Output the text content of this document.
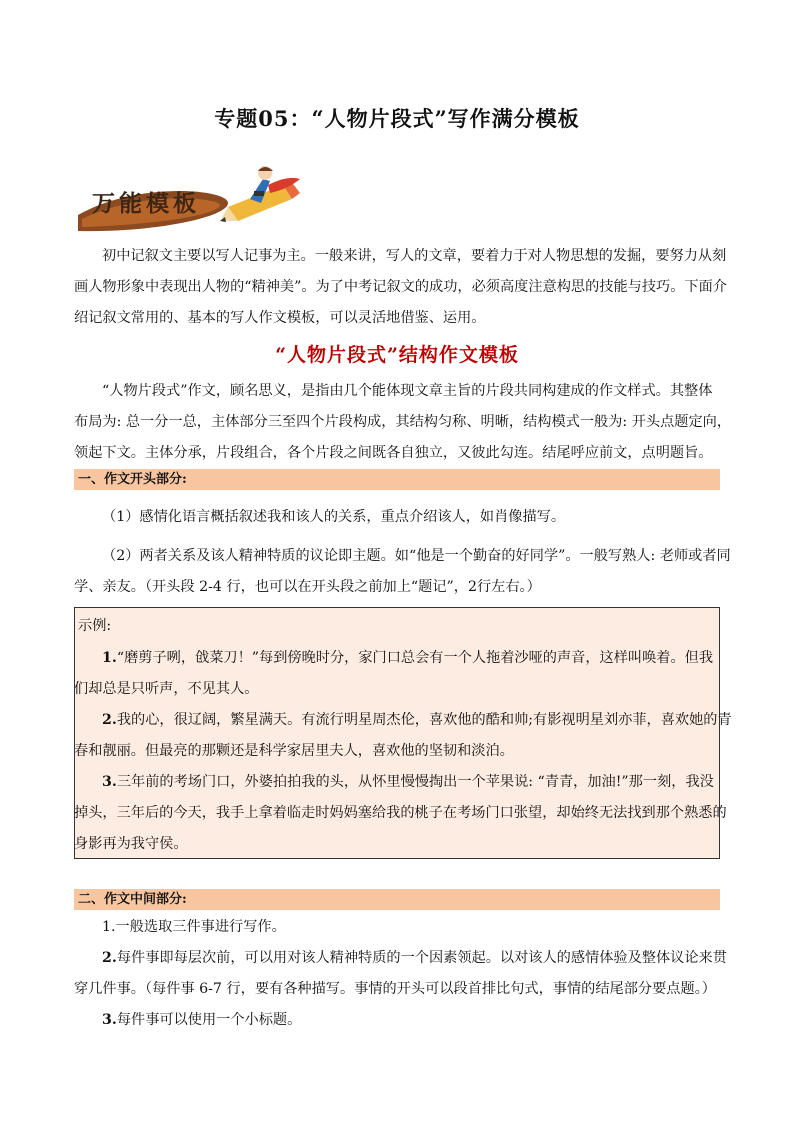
专题05：“人物片段式”写作满分模板
万能模板
初中记叙文主要以写人记事为主。一般来讲，写人的文章，要着力于对人物思想的发掘，要努力从刻
画人物形象中表现出人物的“精神美”。为了中考记叙文的成功，必须高度注意构思的技能与技巧。下面介
绍记叙文常用的、基本的写人作文模板，可以灵活地借鉴、运用。
“人物片段式”结构作文模板
“人物片段式”作文，顾名思义，是指由几个能体现文章主旨的片段共同构建成的作文样式。其整体
布局为: 总一分一总，主体部分三至四个片段构成，其结构匀称、明晰，结构模式一般为: 开头点题定向，
领起下文。主体分承，片段组合，各个片段之间既各自独立，又彼此勾连。结尾呼应前文，点明题旨。
一、作文开头部分:
（1）感情化语言概括叙述我和该人的关系，重点介绍该人，如肖像描写。
（2）两者关系及该人精神特质的议论即主题。如“他是一个勤奋的好同学”。一般写熟人: 老师或者同
学、亲友。（开头段 2-4 行，也可以在开头段之前加上“题记”，2行左右。）
示例:
1.“磨剪子咧，戗菜刀！”每到傍晚时分，家门口总会有一个人拖着沙哑的声音，这样叫唤着。但我
们却总是只听声，不见其人。
2.我的心，很辽阔，繁星满天。有流行明星周杰伦，喜欢他的酷和帅;有影视明星刘亦菲，喜欢她的青
春和靓丽。但最亮的那颗还是科学家居里夫人，喜欢他的坚韧和淡泊。
3.三年前的考场门口，外婆拍拍我的头，从怀里慢慢掏出一个苹果说: “青青，加油!”那一刻，我没
掉头，三年后的今天，我手上拿着临走时妈妈塞给我的桃子在考场门口张望，却始终无法找到那个熟悉的
身影再为我守侯。
二、作文中间部分:
1.一般选取三件事进行写作。
2.每件事即每层次前，可以用对该人精神特质的一个因素领起。以对该人的感情体验及整体议论来贯
穿几件事。（每件事 6-7 行，要有各种描写。事情的开头可以段首排比句式，事情的结尾部分要点题。）
3.每件事可以使用一个小标题。
